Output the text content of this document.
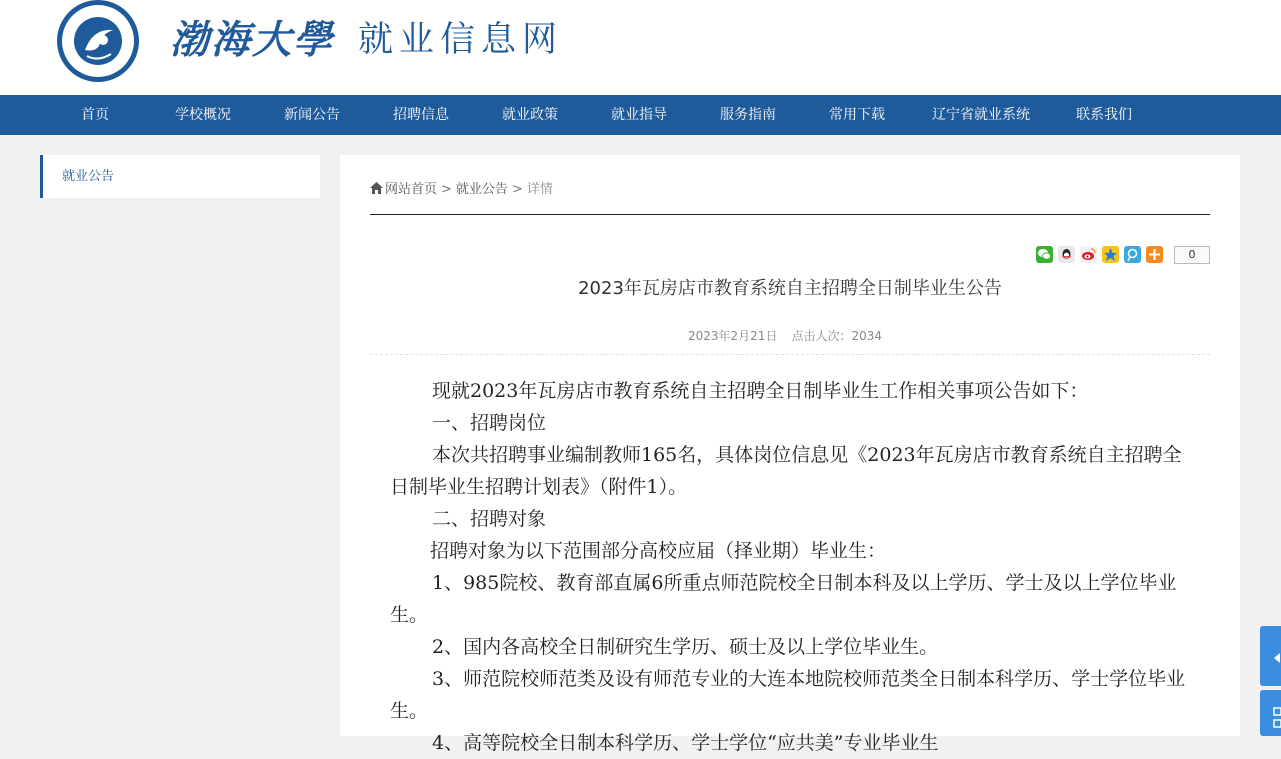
渤海大學 就业信息网
首页	学校概况	新闻公告	招聘信息	就业政策	就业指导	服务指南	常用下载	辽宁省就业系统	联系我们
就业公告
网站首页 > 就业公告 > 详情
0
2023年瓦房店市教育系统自主招聘全日制毕业生公告
2023年2月21日 点击人次：2034

现就2023年瓦房店市教育系统自主招聘全日制毕业生工作相关事项公告如下：

一、招聘岗位

本次共招聘事业编制教师165名，具体岗位信息见《2023年瓦房店市教育系统自主招聘全日制毕业生招聘计划表》（附件1）。

二、招聘对象

招聘对象为以下范围部分高校应届（择业期）毕业生：

1、985院校、教育部直属6所重点师范院校全日制本科及以上学历、学士及以上学位毕业生。

2、国内各高校全日制研究生学历、硕士及以上学位毕业生。

3、师范院校师范类及设有师范专业的大连本地院校师范类全日制本科学历、学士学位毕业生。

4、高等院校全日制本科学历、学士学位“应共美”专业毕业生
